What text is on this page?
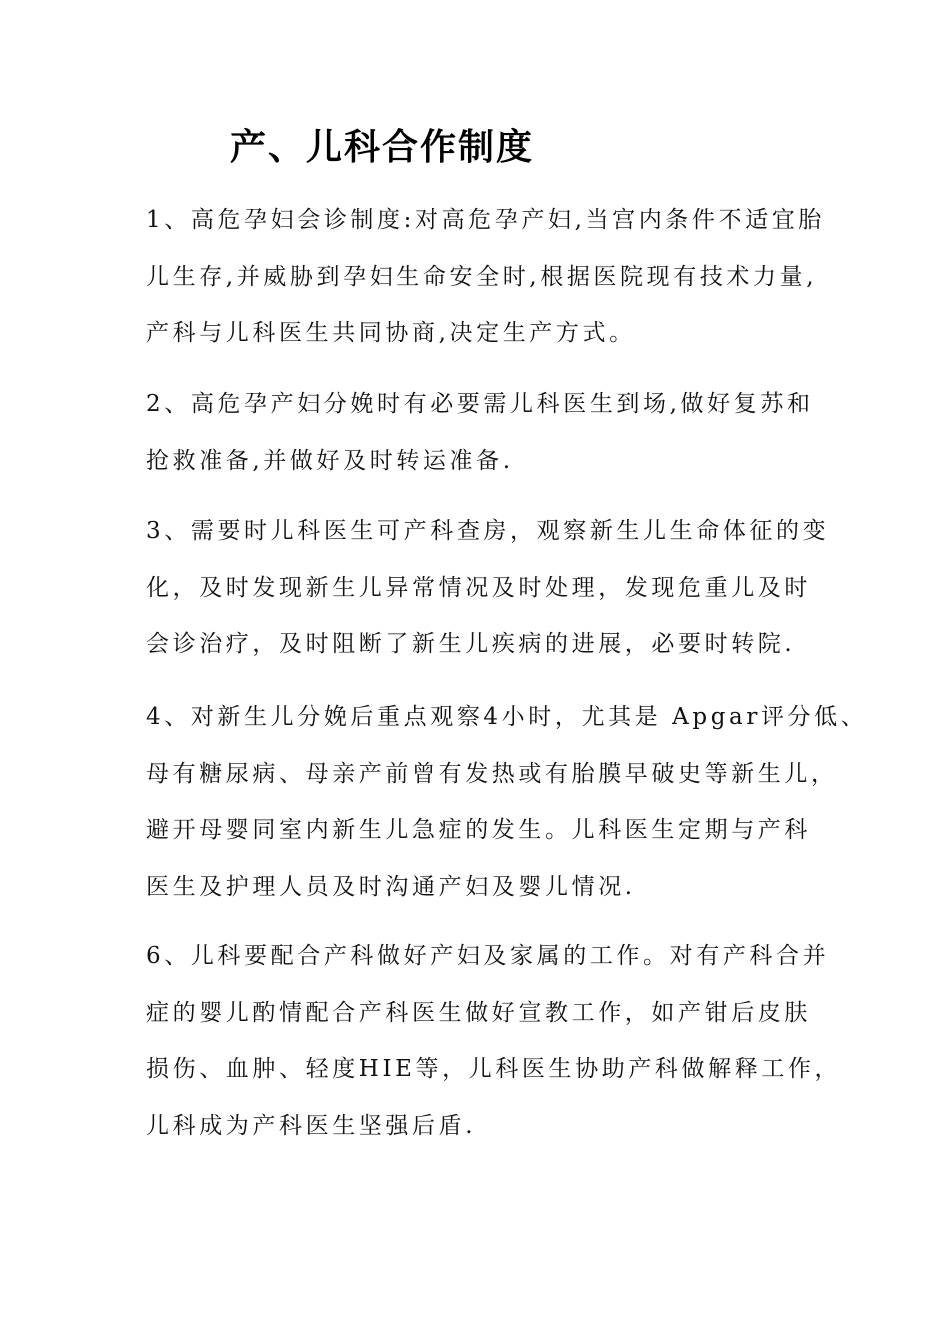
产、儿科合作制度
1、高危孕妇会诊制度:对高危孕产妇,当宫内条件不适宜胎
儿生存,并威胁到孕妇生命安全时,根据医院现有技术力量,
产科与儿科医生共同协商,决定生产方式。
2、高危孕产妇分娩时有必要需儿科医生到场,做好复苏和
抢救准备,并做好及时转运准备.
3、需要时儿科医生可产科查房，观察新生儿生命体征的变
化，及时发现新生儿异常情况及时处理，发现危重儿及时
会诊治疗，及时阻断了新生儿疾病的进展，必要时转院.
4、对新生儿分娩后重点观察4小时，尤其是 Apgar评分低、
母有糖尿病、母亲产前曾有发热或有胎膜早破史等新生儿，
避开母婴同室内新生儿急症的发生。儿科医生定期与产科
医生及护理人员及时沟通产妇及婴儿情况.
6、儿科要配合产科做好产妇及家属的工作。对有产科合并
症的婴儿酌情配合产科医生做好宣教工作，如产钳后皮肤
损伤、血肿、轻度HIE等，儿科医生协助产科做解释工作，
儿科成为产科医生坚强后盾.
